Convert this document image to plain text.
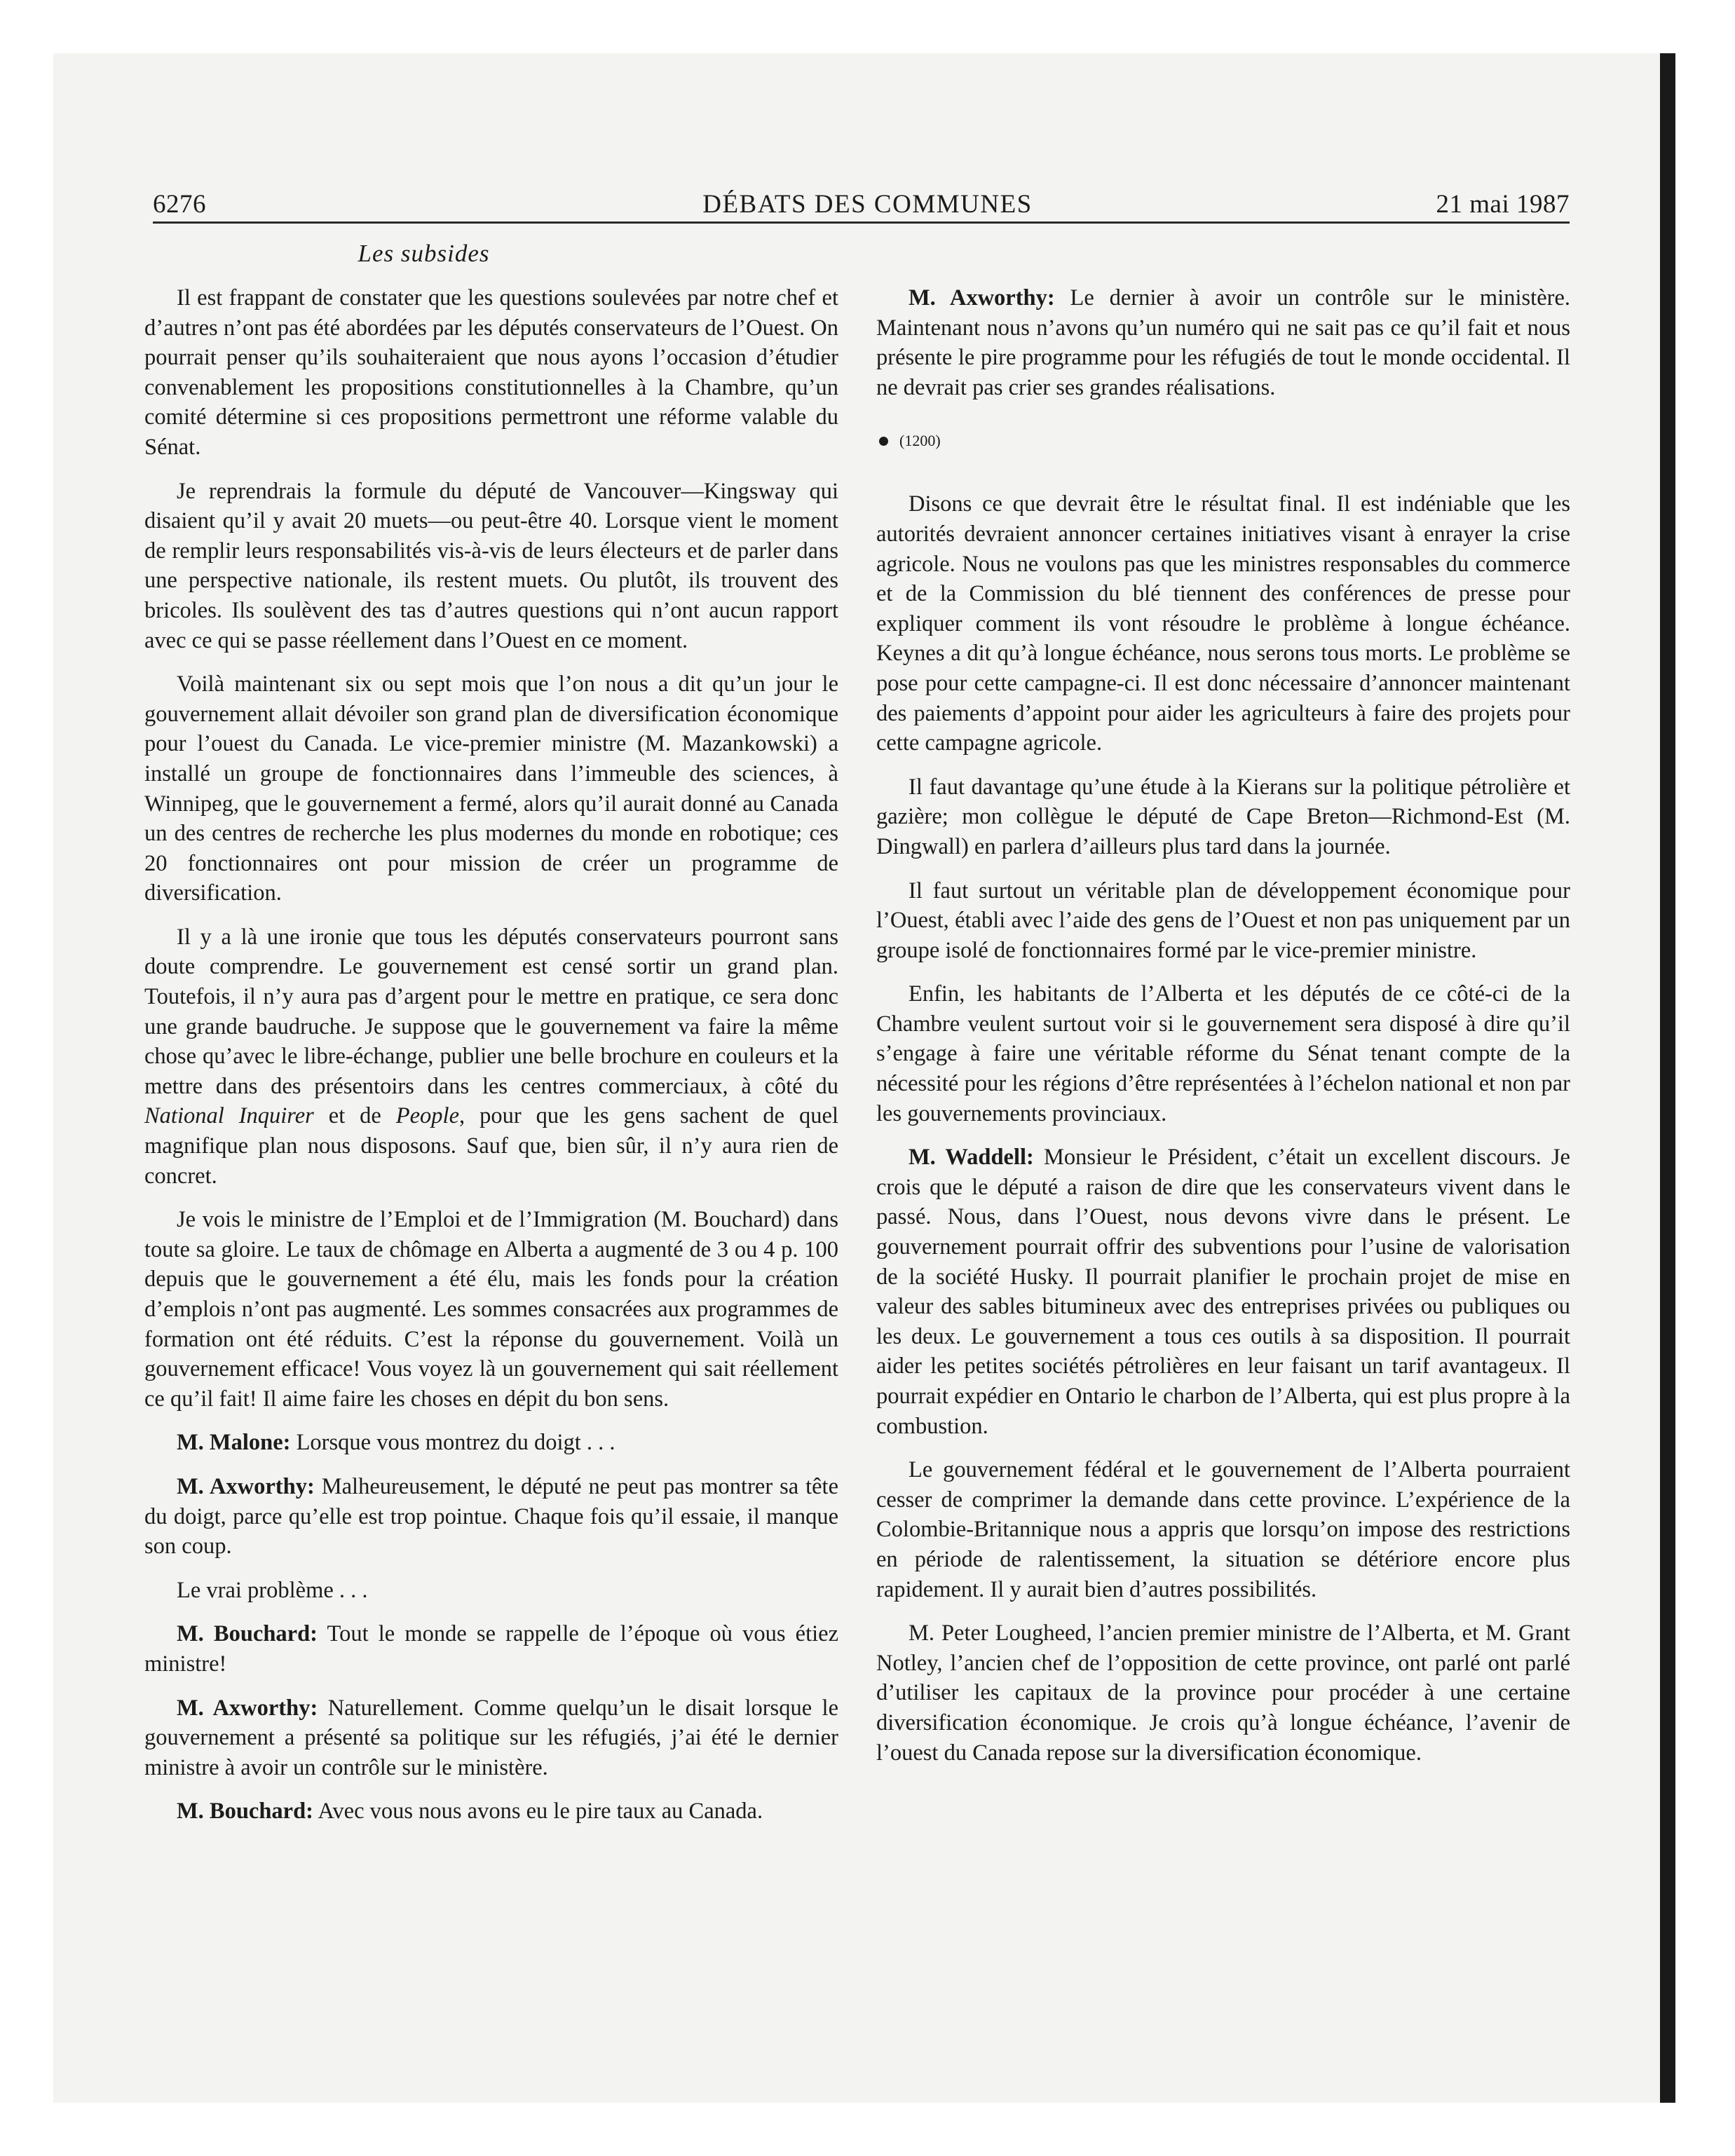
6276	DÉBATS DES COMMUNES	21 mai 1987
Les subsides

Il est frappant de constater que les questions soulevées par notre chef et d’autres n’ont pas été abordées par les députés conservateurs de l’Ouest. On pourrait penser qu’ils souhaiteraient que nous ayons l’occasion d’étudier convenablement les propositions constitutionnelles à la Chambre, qu’un comité détermine si ces propositions permettront une réforme valable du Sénat.

Je reprendrais la formule du député de Vancouver—Kingsway qui disaient qu’il y avait 20 muets—ou peut-être 40. Lorsque vient le moment de remplir leurs responsabilités vis-à-vis de leurs électeurs et de parler dans une perspective nationale, ils restent muets. Ou plutôt, ils trouvent des bricoles. Ils soulèvent des tas d’autres questions qui n’ont aucun rapport avec ce qui se passe réellement dans l’Ouest en ce moment.

Voilà maintenant six ou sept mois que l’on nous a dit qu’un jour le gouvernement allait dévoiler son grand plan de diversification économique pour l’ouest du Canada. Le vice-premier ministre (M. Mazankowski) a installé un groupe de fonctionnaires dans l’immeuble des sciences, à Winnipeg, que le gouvernement a fermé, alors qu’il aurait donné au Canada un des centres de recherche les plus modernes du monde en robotique; ces 20 fonctionnaires ont pour mission de créer un programme de diversification.

Il y a là une ironie que tous les députés conservateurs pourront sans doute comprendre. Le gouvernement est censé sortir un grand plan. Toutefois, il n’y aura pas d’argent pour le mettre en pratique, ce sera donc une grande baudruche. Je suppose que le gouvernement va faire la même chose qu’avec le libre-échange, publier une belle brochure en couleurs et la mettre dans des présentoirs dans les centres commerciaux, à côté du National Inquirer et de People, pour que les gens sachent de quel magnifique plan nous disposons. Sauf que, bien sûr, il n’y aura rien de concret.

Je vois le ministre de l’Emploi et de l’Immigration (M. Bouchard) dans toute sa gloire. Le taux de chômage en Alberta a augmenté de 3 ou 4 p. 100 depuis que le gouvernement a été élu, mais les fonds pour la création d’emplois n’ont pas augmenté. Les sommes consacrées aux programmes de formation ont été réduits. C’est la réponse du gouvernement. Voilà un gouvernement efficace! Vous voyez là un gouvernement qui sait réellement ce qu’il fait! Il aime faire les choses en dépit du bon sens.

M. Malone: Lorsque vous montrez du doigt . . .

M. Axworthy: Malheureusement, le député ne peut pas montrer sa tête du doigt, parce qu’elle est trop pointue. Chaque fois qu’il essaie, il manque son coup.

Le vrai problème . . .

M. Bouchard: Tout le monde se rappelle de l’époque où vous étiez ministre!

M. Axworthy: Naturellement. Comme quelqu’un le disait lorsque le gouvernement a présenté sa politique sur les réfugiés, j’ai été le dernier ministre à avoir un contrôle sur le ministère.

M. Bouchard: Avec vous nous avons eu le pire taux au Canada.

M. Axworthy: Le dernier à avoir un contrôle sur le ministère. Maintenant nous n’avons qu’un numéro qui ne sait pas ce qu’il fait et nous présente le pire programme pour les réfugiés de tout le monde occidental. Il ne devrait pas crier ses grandes réalisations.

(1200)

Disons ce que devrait être le résultat final. Il est indéniable que les autorités devraient annoncer certaines initiatives visant à enrayer la crise agricole. Nous ne voulons pas que les ministres responsables du commerce et de la Commission du blé tiennent des conférences de presse pour expliquer comment ils vont résoudre le problème à longue échéance. Keynes a dit qu’à longue échéance, nous serons tous morts. Le problème se pose pour cette campagne-ci. Il est donc nécessaire d’annoncer maintenant des paiements d’appoint pour aider les agriculteurs à faire des projets pour cette campagne agricole.

Il faut davantage qu’une étude à la Kierans sur la politique pétrolière et gazière; mon collègue le député de Cape Breton—Richmond-Est (M. Dingwall) en parlera d’ailleurs plus tard dans la journée.

Il faut surtout un véritable plan de développement économique pour l’Ouest, établi avec l’aide des gens de l’Ouest et non pas uniquement par un groupe isolé de fonctionnaires formé par le vice-premier ministre.

Enfin, les habitants de l’Alberta et les députés de ce côté-ci de la Chambre veulent surtout voir si le gouvernement sera disposé à dire qu’il s’engage à faire une véritable réforme du Sénat tenant compte de la nécessité pour les régions d’être représentées à l’échelon national et non par les gouvernements provinciaux.

M. Waddell: Monsieur le Président, c’était un excellent discours. Je crois que le député a raison de dire que les conservateurs vivent dans le passé. Nous, dans l’Ouest, nous devons vivre dans le présent. Le gouvernement pourrait offrir des subventions pour l’usine de valorisation de la société Husky. Il pourrait planifier le prochain projet de mise en valeur des sables bitumineux avec des entreprises privées ou publiques ou les deux. Le gouvernement a tous ces outils à sa disposition. Il pourrait aider les petites sociétés pétrolières en leur faisant un tarif avantageux. Il pourrait expédier en Ontario le charbon de l’Alberta, qui est plus propre à la combustion.

Le gouvernement fédéral et le gouvernement de l’Alberta pourraient cesser de comprimer la demande dans cette province. L’expérience de la Colombie-Britannique nous a appris que lorsqu’on impose des restrictions en période de ralentissement, la situation se détériore encore plus rapidement. Il y aurait bien d’autres possibilités.

M. Peter Lougheed, l’ancien premier ministre de l’Alberta, et M. Grant Notley, l’ancien chef de l’opposition de cette province, ont parlé ont parlé d’utiliser les capitaux de la province pour procéder à une certaine diversification économique. Je crois qu’à longue échéance, l’avenir de l’ouest du Canada repose sur la diversification économique.
